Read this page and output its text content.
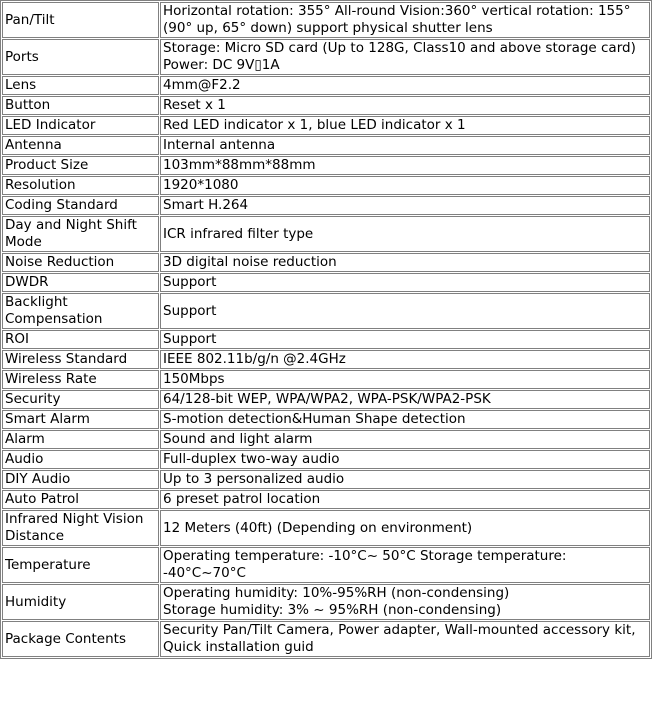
Pan/Tilt	Horizontal rotation: 355° All-round Vision:360° vertical rotation: 155° (90° up, 65° down) support physical shutter lens

Ports	Storage: Micro SD card (Up to 128G, Class10 and above storage card)
Power: DC 9V▯1A

Lens	4mm@F2.2

Button	Reset x 1

LED Indicator	Red LED indicator x 1, blue LED indicator x 1

Antenna	Internal antenna

Product Size	103mm*88mm*88mm

Resolution	1920*1080

Coding Standard	Smart H.264

Day and Night Shift Mode	ICR infrared filter type

Noise Reduction	3D digital noise reduction

DWDR	Support

Backlight Compensation	Support

ROI	Support

Wireless Standard	IEEE 802.11b/g/n @2.4GHz

Wireless Rate	150Mbps

Security	64/128-bit WEP, WPA/WPA2, WPA-PSK/WPA2-PSK

Smart Alarm	S-motion detection&Human Shape detection

Alarm	Sound and light alarm

Audio	Full-duplex two-way audio

DIY Audio	Up to 3 personalized audio

Auto Patrol	6 preset patrol location

Infrared Night Vision Distance	12 Meters (40ft) (Depending on environment)

Temperature	Operating temperature: -10°C~ 50°C Storage temperature: -40°C~70°C

Humidity	Operating humidity: 10%-95%RH (non-condensing)
Storage humidity: 3% ~ 95%RH (non-condensing)

Package Contents	Security Pan/Tilt Camera, Power adapter, Wall-mounted accessory kit, Quick installation guid
